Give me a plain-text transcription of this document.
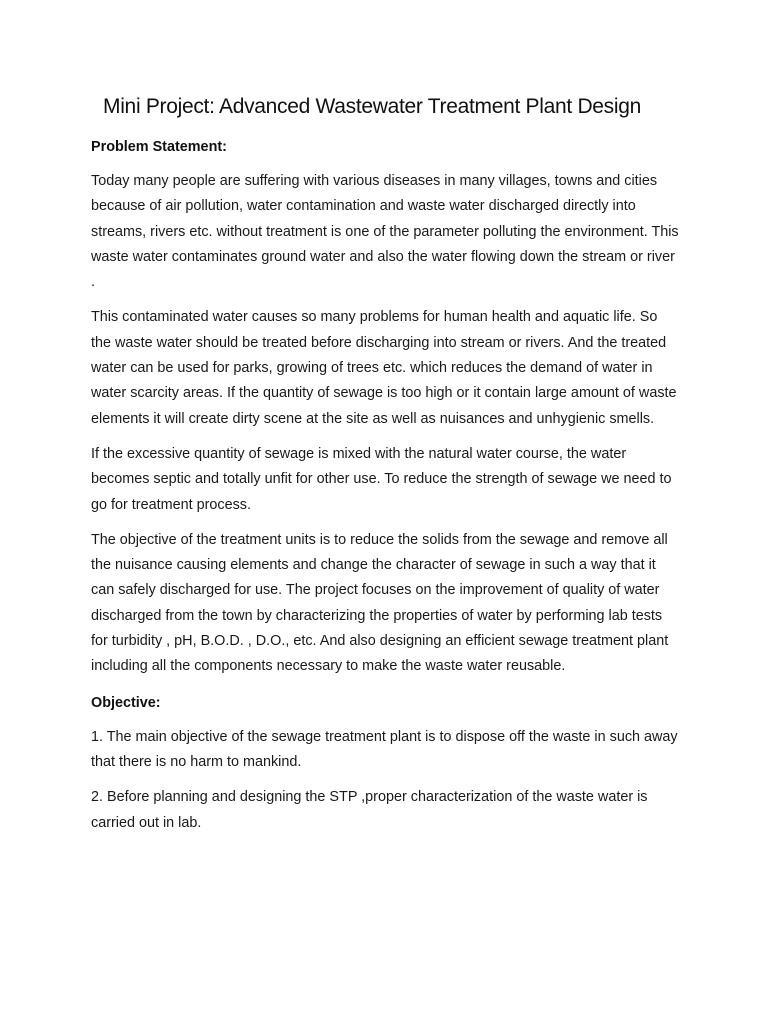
Mini Project: Advanced Wastewater Treatment Plant Design
Problem Statement:

Today many people are suffering with various diseases in many villages, towns and cities because of air pollution, water contamination and waste water discharged directly into streams, rivers etc. without treatment is one of the parameter polluting the environment. This waste water contaminates ground water and also the water flowing down the stream or river .

This contaminated water causes so many problems for human health and aquatic life. So the waste water should be treated before discharging into stream or rivers. And the treated water can be used for parks, growing of trees etc. which reduces the demand of water in water scarcity areas. If the quantity of sewage is too high or it contain large amount of waste elements it will create dirty scene at the site as well as nuisances and unhygienic smells.

If the excessive quantity of sewage is mixed with the natural water course, the water becomes septic and totally unfit for other use. To reduce the strength of sewage we need to go for treatment process.

The objective of the treatment units is to reduce the solids from the sewage and remove all the nuisance causing elements and change the character of sewage in such a way that it can safely discharged for use. The project focuses on the improvement of quality of water discharged from the town by characterizing the properties of water by performing lab tests for turbidity , pH, B.O.D. , D.O., etc. And also designing an efficient sewage treatment plant including all the components necessary to make the waste water reusable.

Objective:

1. The main objective of the sewage treatment plant is to dispose off the waste in such away that there is no harm to mankind.

2. Before planning and designing the STP ,proper characterization of the waste water is carried out in lab.
